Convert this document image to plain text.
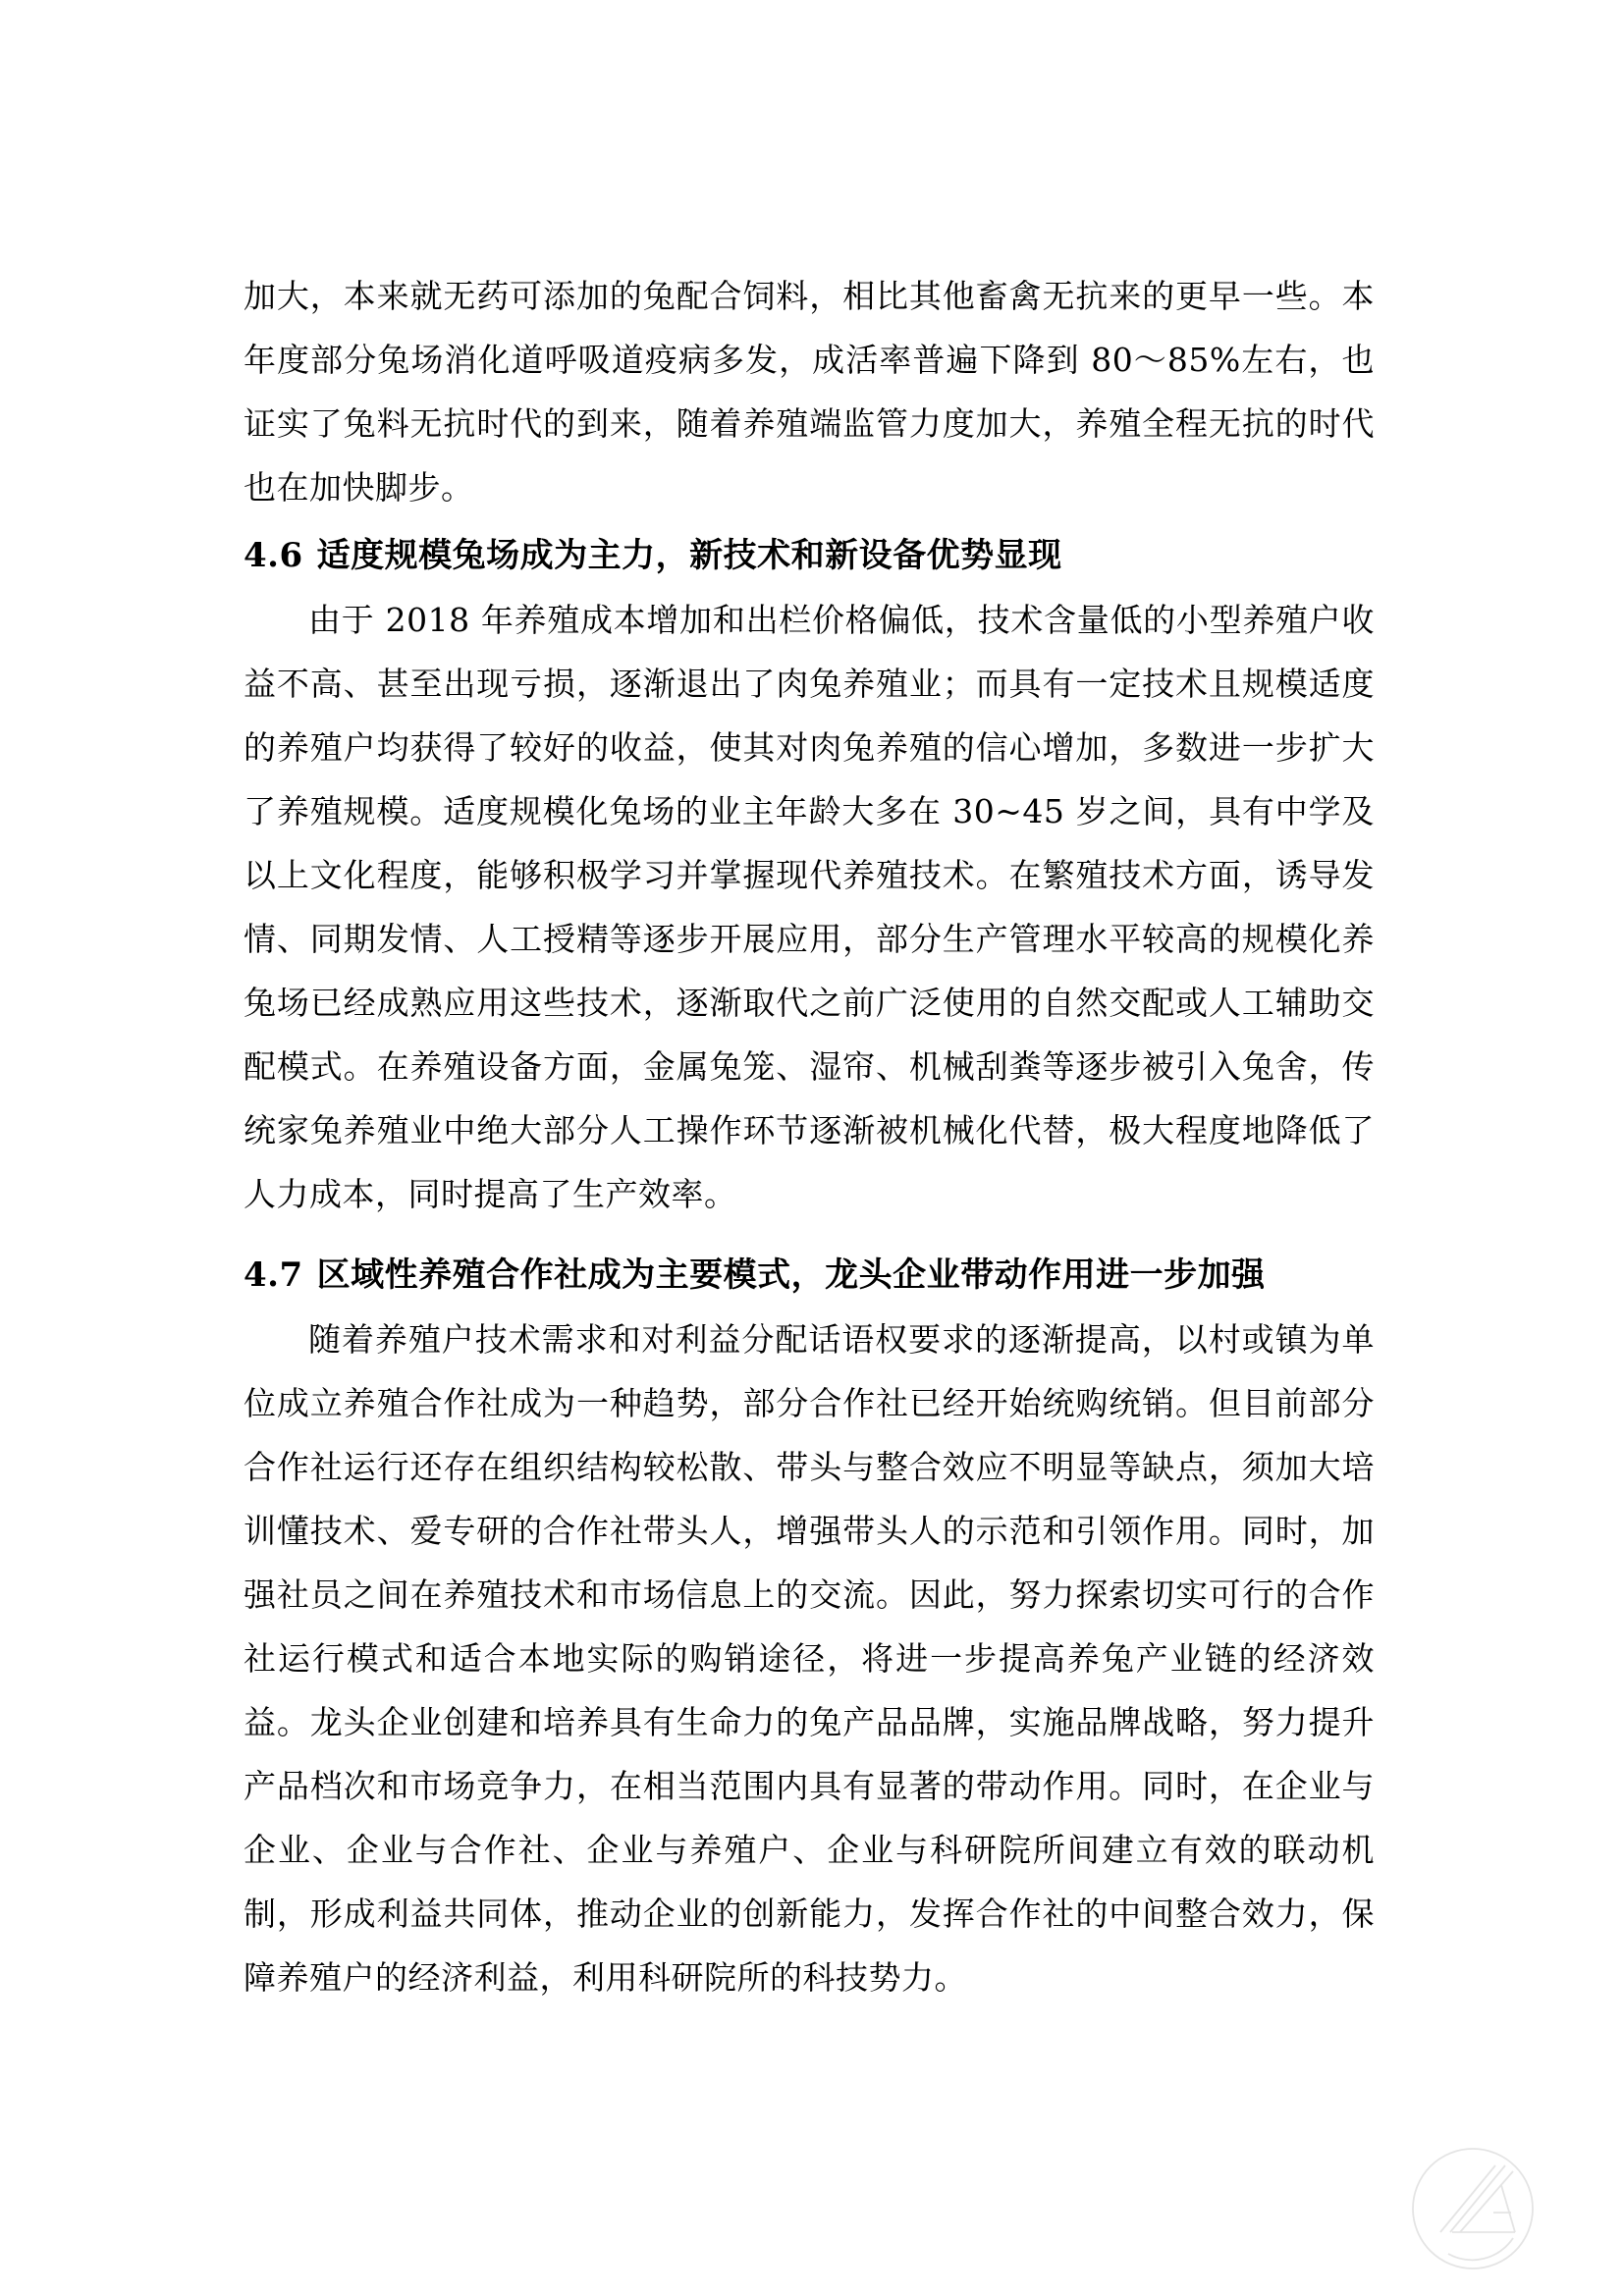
加大，本来就无药可添加的兔配合饲料，相比其他畜禽无抗来的更早一些。本年度部分兔场消化道呼吸道疫病多发，成活率普遍下降到 80～85%左右，也证实了兔料无抗时代的到来，随着养殖端监管力度加大，养殖全程无抗的时代也在加快脚步。

4.6 适度规模兔场成为主力，新技术和新设备优势显现

由于 2018 年养殖成本增加和出栏价格偏低，技术含量低的小型养殖户收益不高、甚至出现亏损，逐渐退出了肉兔养殖业；而具有一定技术且规模适度的养殖户均获得了较好的收益，使其对肉兔养殖的信心增加，多数进一步扩大了养殖规模。适度规模化兔场的业主年龄大多在 30~45 岁之间，具有中学及以上文化程度，能够积极学习并掌握现代养殖技术。在繁殖技术方面，诱导发情、同期发情、人工授精等逐步开展应用，部分生产管理水平较高的规模化养兔场已经成熟应用这些技术，逐渐取代之前广泛使用的自然交配或人工辅助交配模式。在养殖设备方面，金属兔笼、湿帘、机械刮粪等逐步被引入兔舍，传统家兔养殖业中绝大部分人工操作环节逐渐被机械化代替，极大程度地降低了人力成本，同时提高了生产效率。

4.7 区域性养殖合作社成为主要模式，龙头企业带动作用进一步加强

随着养殖户技术需求和对利益分配话语权要求的逐渐提高，以村或镇为单位成立养殖合作社成为一种趋势，部分合作社已经开始统购统销。但目前部分合作社运行还存在组织结构较松散、带头与整合效应不明显等缺点，须加大培训懂技术、爱专研的合作社带头人，增强带头人的示范和引领作用。同时，加强社员之间在养殖技术和市场信息上的交流。因此，努力探索切实可行的合作社运行模式和适合本地实际的购销途径，将进一步提高养兔产业链的经济效益。龙头企业创建和培养具有生命力的兔产品品牌，实施品牌战略，努力提升产品档次和市场竞争力，在相当范围内具有显著的带动作用。同时，在企业与企业、企业与合作社、企业与养殖户、企业与科研院所间建立有效的联动机制，形成利益共同体，推动企业的创新能力，发挥合作社的中间整合效力，保障养殖户的经济利益，利用科研院所的科技势力。
